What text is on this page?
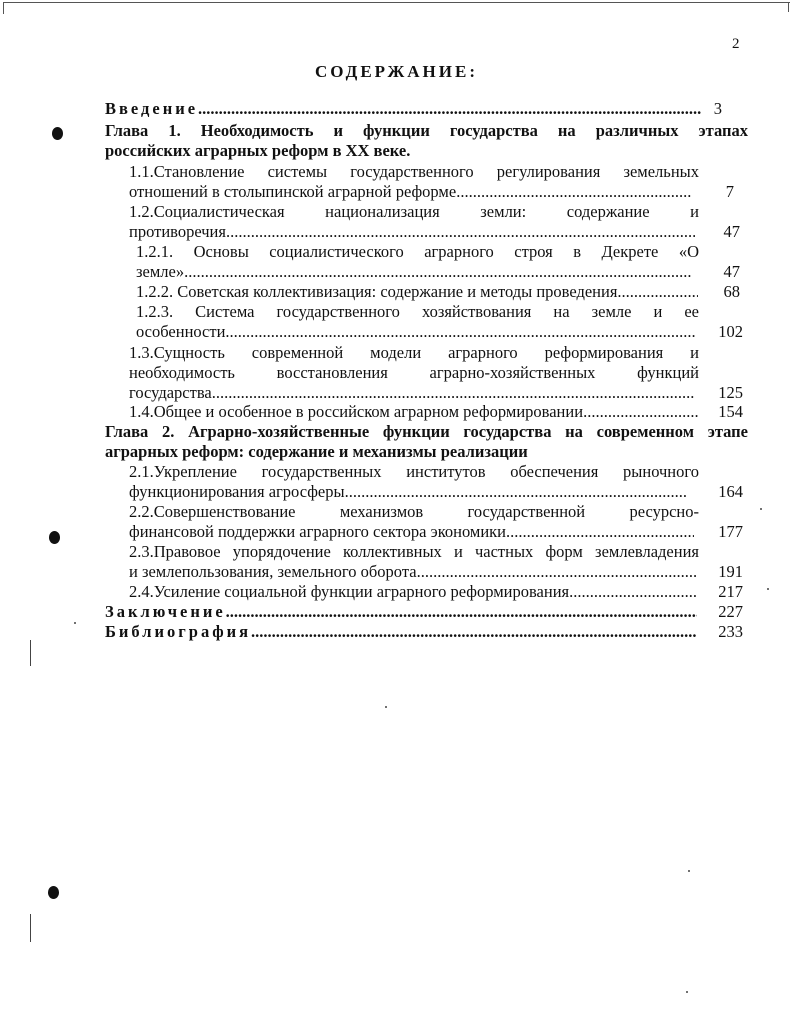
2
СОДЕРЖАНИЕ:
Введение .....	3
Глава 1. Необходимость и функции государства на различных этапах
российских аграрных реформ в XX веке.
1.1.Становление системы государственного регулирования земельных
отношений в столыпинской аграрной реформе .....	7
1.2.Социалистическая национализация земли: содержание и
противоречия .....	47
1.2.1. Основы социалистического аграрного строя в Декрете «О
земле» .....	47
1.2.2. Советская коллективизация: содержание и методы проведения .....	68
1.2.3. Система государственного хозяйствования на земле и ее
особенности .....	102
1.3.Сущность современной модели аграрного реформирования и
необходимость восстановления аграрно-хозяйственных функций
государства .....	125
1.4.Общее и особенное в российском аграрном реформировании .....	154
Глава 2. Аграрно-хозяйственные функции государства на современном этапе
аграрных реформ: содержание и механизмы реализации
2.1.Укрепление государственных институтов обеспечения рыночного
функционирования агросферы .....	164
2.2.Совершенствование механизмов государственной ресурсно-
финансовой поддержки аграрного сектора экономики .....	177
2.3.Правовое упорядочение коллективных и частных форм землевладения
и землепользования, земельного оборота .....	191
2.4.Усиление социальной функции аграрного реформирования .....	217
Заключение .....	227
Библиография .....	233
